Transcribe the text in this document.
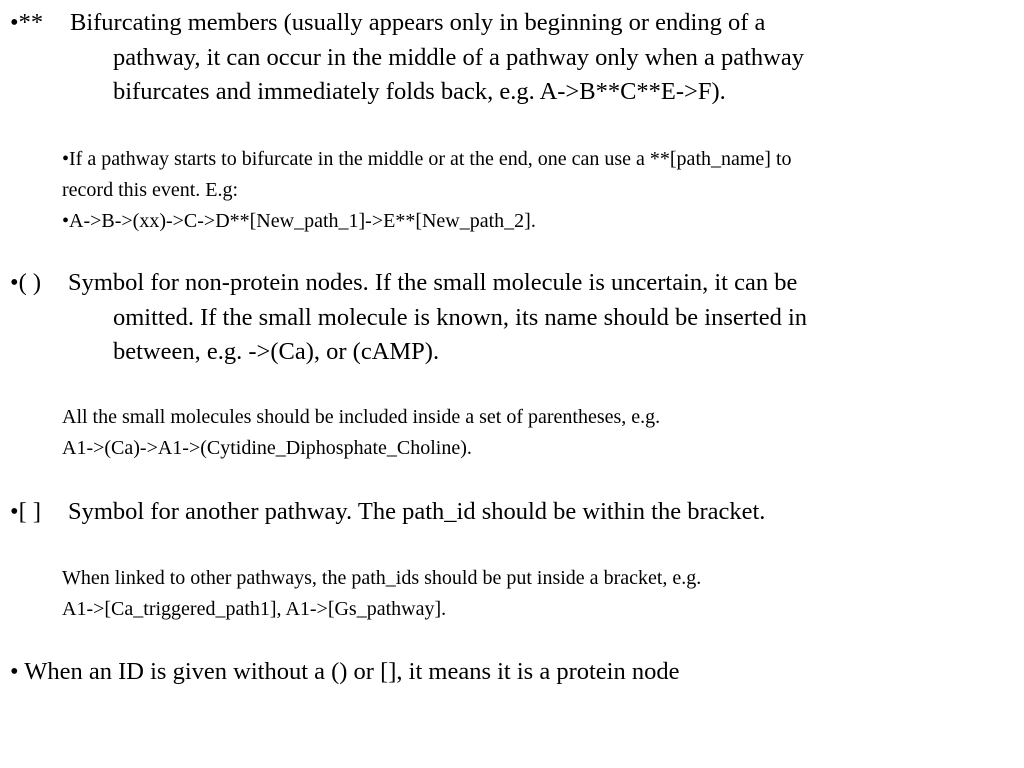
•** Bifurcating members (usually appears only in beginning or ending of a

pathway, it can occur in the middle of a pathway only when a pathway

bifurcates and immediately folds back, e.g. A->B**C**E->F).

•If a pathway starts to bifurcate in the middle or at the end, one can use a **[path_name] to

record this event. E.g:

•A->B->(xx)->C->D**[New_path_1]->E**[New_path_2].

•( ) Symbol for non-protein nodes. If the small molecule is uncertain, it can be

omitted. If the small molecule is known, its name should be inserted in

between, e.g. ->(Ca), or (cAMP).

All the small molecules should be included inside a set of parentheses, e.g.

A1->(Ca)->A1->(Cytidine_Diphosphate_Choline).

•[ ] Symbol for another pathway. The path_id should be within the bracket.

When linked to other pathways, the path_ids should be put inside a bracket, e.g.

A1->[Ca_triggered_path1], A1->[Gs_pathway].

• When an ID is given without a () or [], it means it is a protein node
